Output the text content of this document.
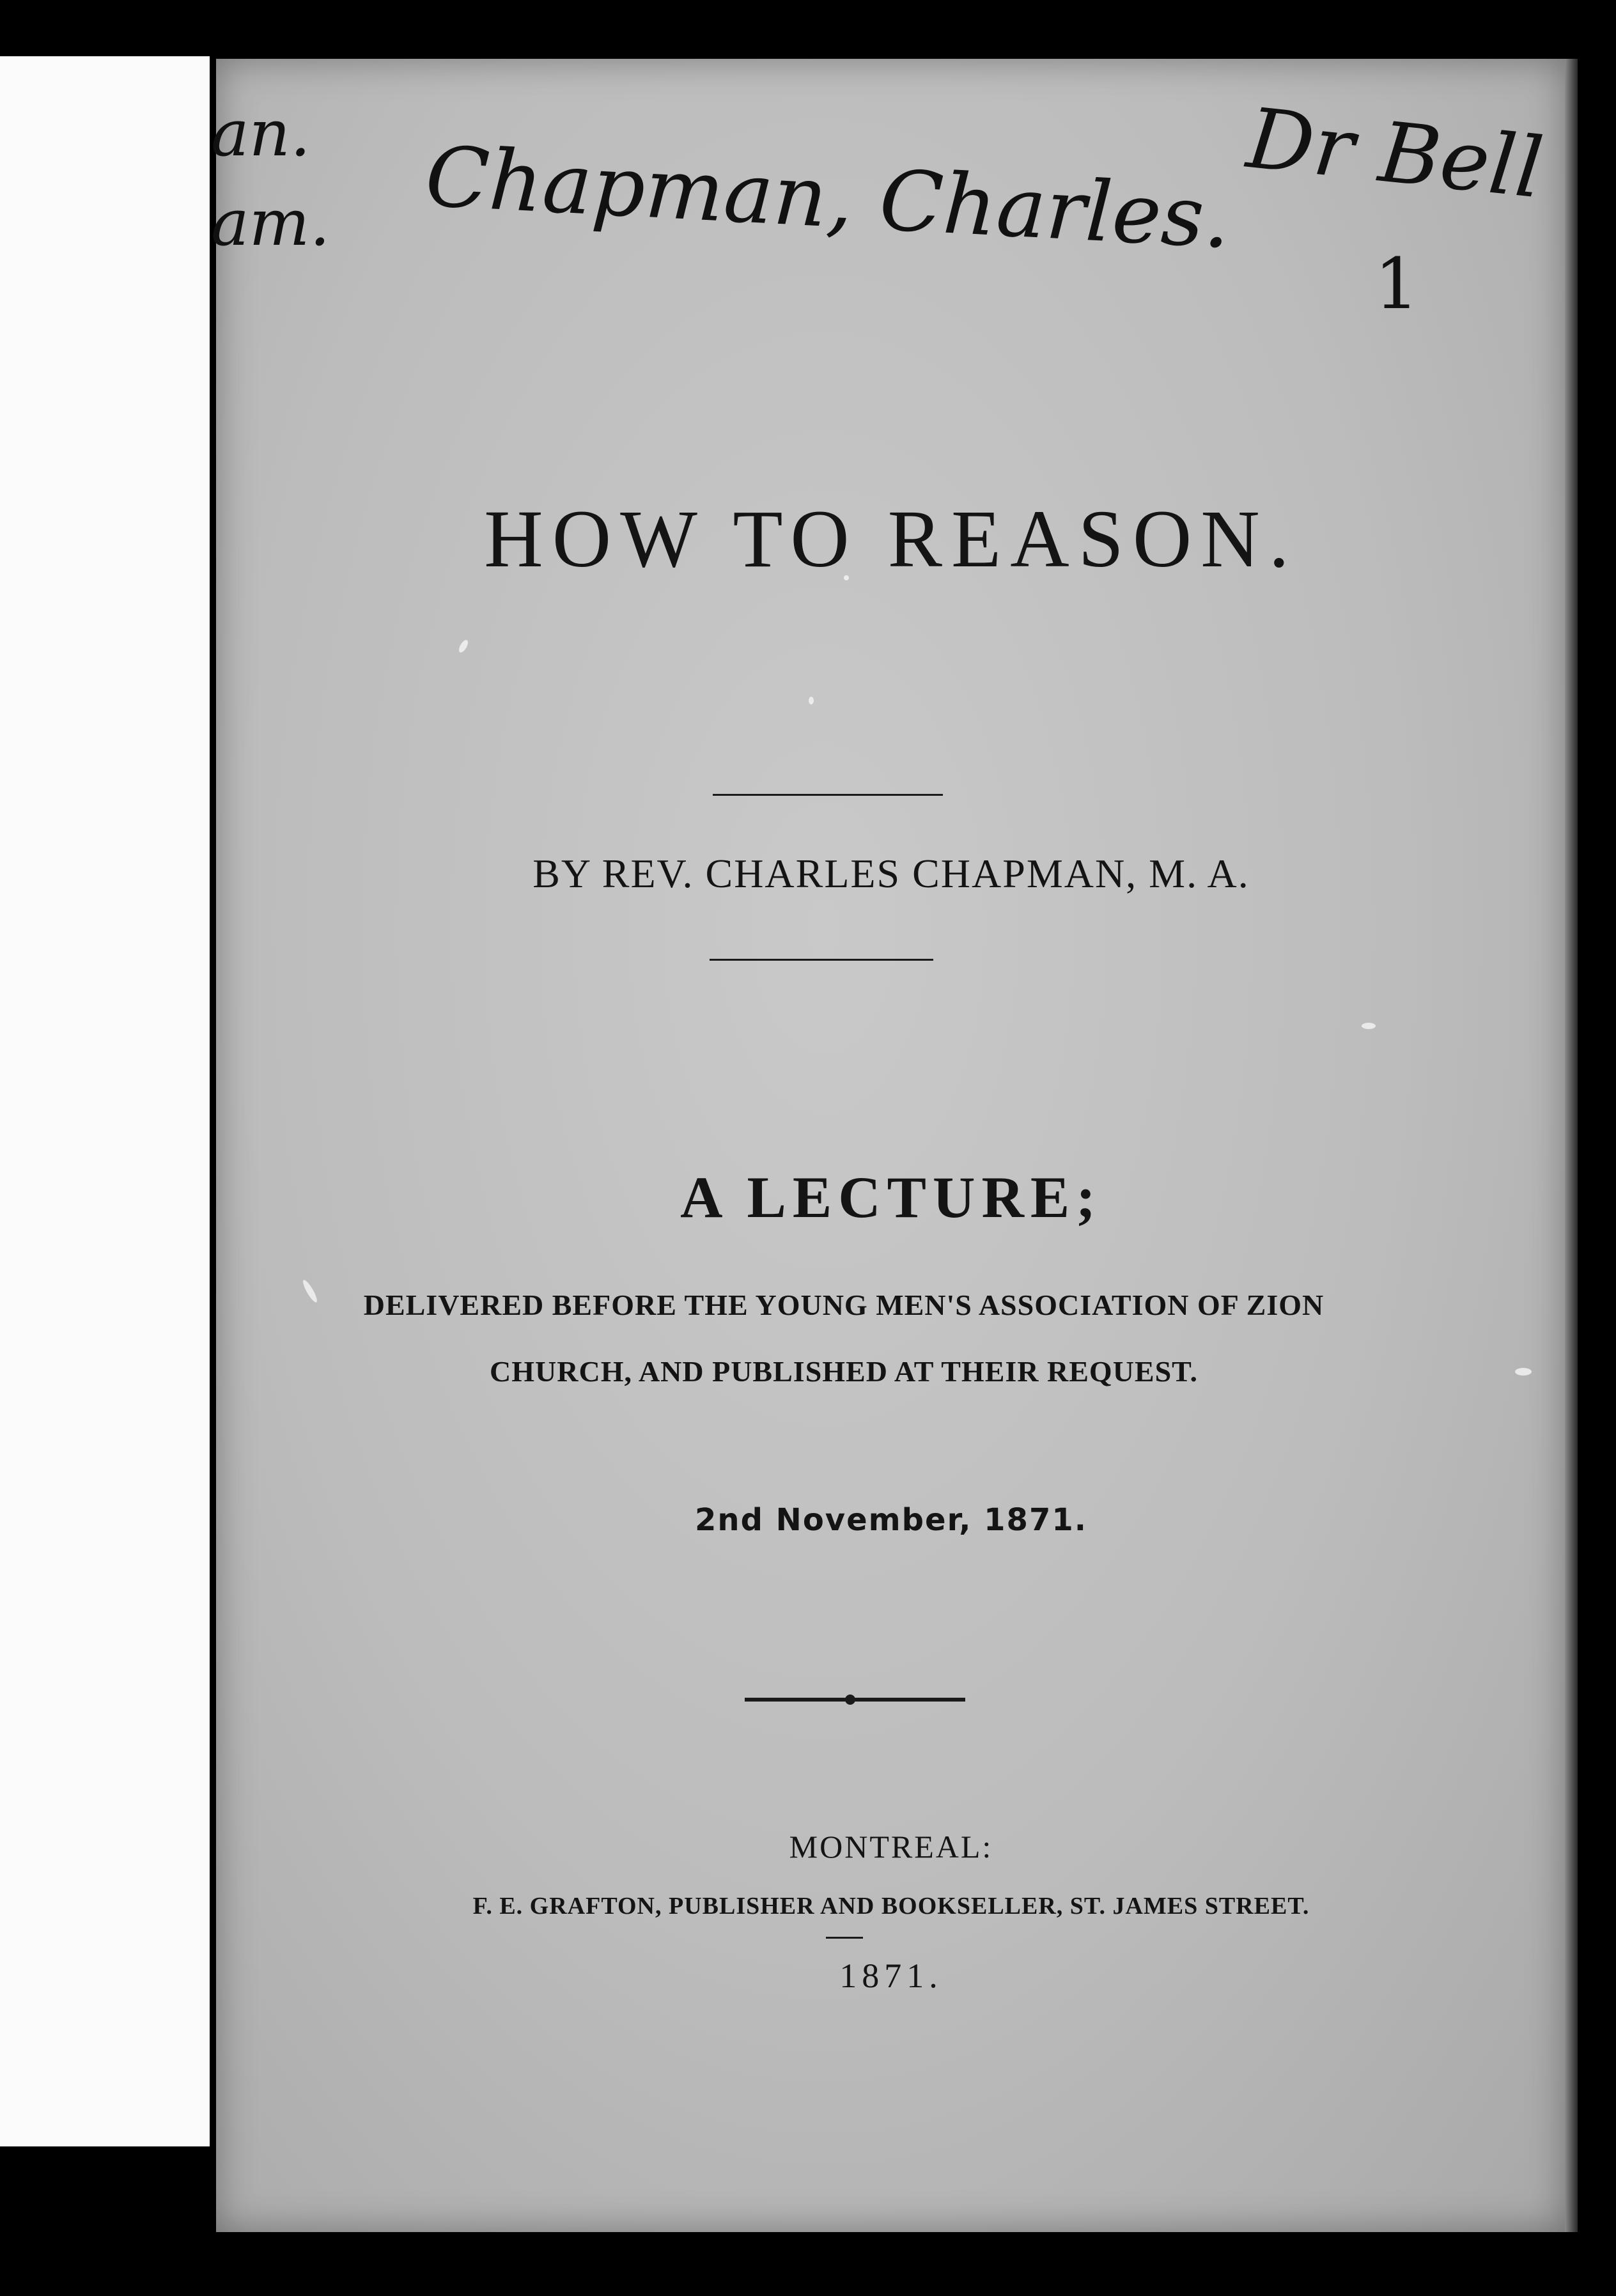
an.
am. Chapman, Charles. Dr Bell
1
HOW TO REASON.
BY REV. CHARLES CHAPMAN, M. A.
A LECTURE;
DELIVERED BEFORE THE YOUNG MEN'S ASSOCIATION OF ZION CHURCH, AND PUBLISHED AT THEIR REQUEST.
2nd November, 1871.
MONTREAL:
F. E. GRAFTON, PUBLISHER AND BOOKSELLER, ST. JAMES STREET.
1871.
